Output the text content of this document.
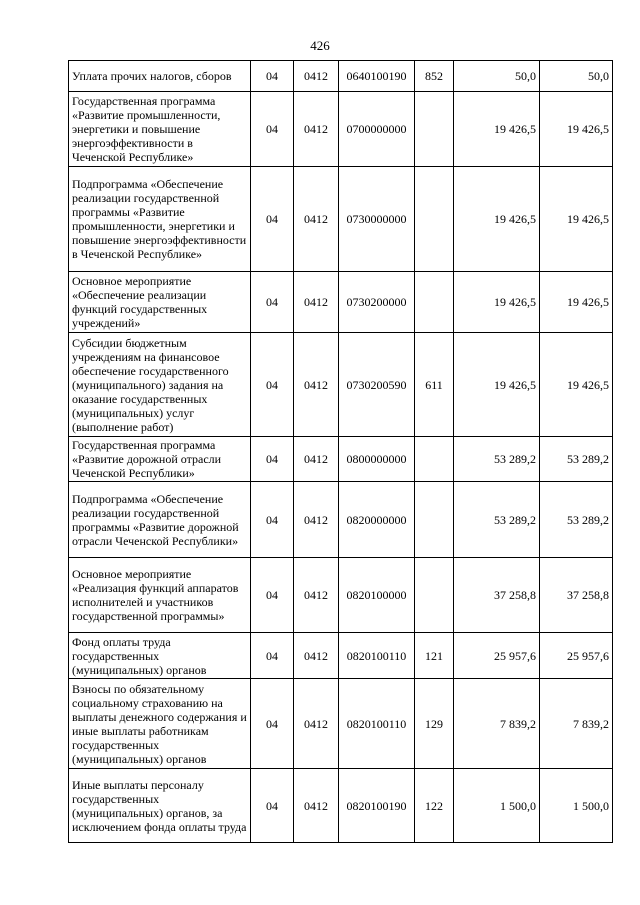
426
Уплата прочих налогов, сборов	04	0412	0640100190	852	50,0	50,0
Государственная программа «Развитие промышленности, энергетики и повышение энергоэффективности в Чеченской Республике»	04	0412	0700000000		19 426,5	19 426,5
Подпрограмма «Обеспечение реализации государственной программы «Развитие промышленности, энергетики и повышение энергоэффективности в Чеченской Республике»	04	0412	0730000000		19 426,5	19 426,5
Основное мероприятие «Обеспечение реализации функций государственных учреждений»	04	0412	0730200000		19 426,5	19 426,5
Субсидии бюджетным учреждениям на финансовое обеспечение государственного (муниципального) задания на оказание государственных (муниципальных) услуг (выполнение работ)	04	0412	0730200590	611	19 426,5	19 426,5
Государственная программа «Развитие дорожной отрасли Чеченской Республики»	04	0412	0800000000		53 289,2	53 289,2
Подпрограмма «Обеспечение реализации государственной программы «Развитие дорожной отрасли Чеченской Республики»	04	0412	0820000000		53 289,2	53 289,2
Основное мероприятие «Реализация функций аппаратов исполнителей и участников государственной программы»	04	0412	0820100000		37 258,8	37 258,8
Фонд оплаты труда государственных (муниципальных) органов	04	0412	0820100110	121	25 957,6	25 957,6
Взносы по обязательному социальному страхованию на выплаты денежного содержания и иные выплаты работникам государственных (муниципальных) органов	04	0412	0820100110	129	7 839,2	7 839,2
Иные выплаты персоналу государственных (муниципальных) органов, за исключением фонда оплаты труда	04	0412	0820100190	122	1 500,0	1 500,0
